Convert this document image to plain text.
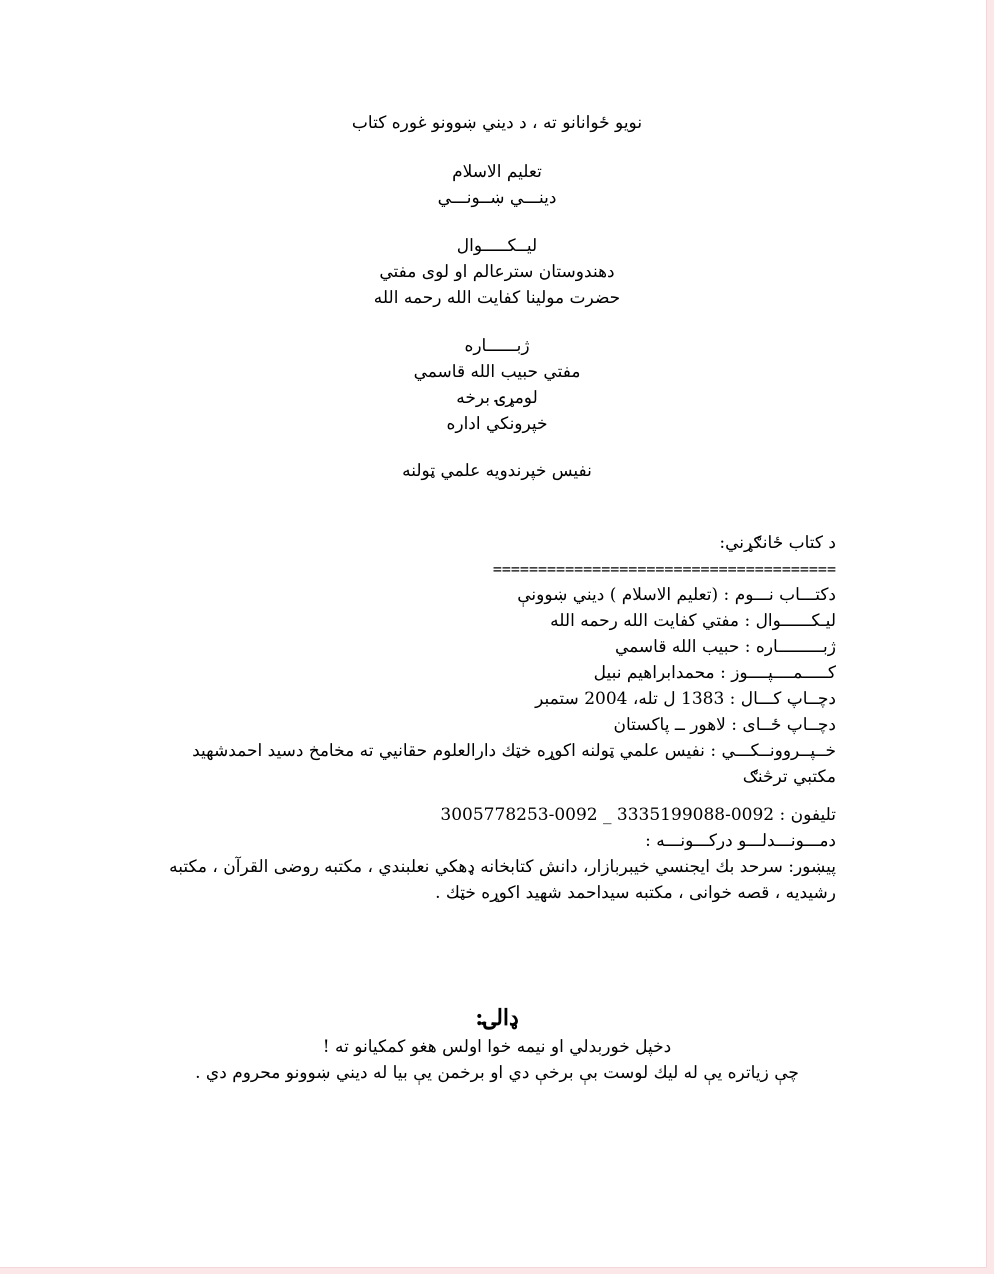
نويو ځوانانو ته ، د ديني ښوونو غوره كتاب
تعليم الاسلام
دينـــي ښــونـــي
ليــكـــــوال
دهندوستان سترعالم او لوى مفتي
حضرت مولينا كفايت الله رحمه الله
ژبــــــاره
مفتي حبيب الله قاسمي
لومړۍ برخه
خپرونكي اداره
نفيس خپرندويه علمي ټولنه
د كتاب ځانګړني:
======================================
دكتـــاب نـــوم : (تعليم الاسلام ) ديني ښوونې
ليـكــــــوال : مفتي كفايت الله رحمه الله
ژبـــــــــاره : حبيب الله قاسمي
كـــــمــــپــــوز : محمدابراهيم نبيل
دچــاپ كـــال : 1383 ل تله، 2004 ستمبر
دچــاپ ځــاى : لاهور ــ پاكستان
خــپــروونــكـــي : نفيس علمي ټولنه اكوړه خټك دارالعلوم حقانيي ته مخامخ دسيد احمدشهيد مكتبي ترڅنګ
تليفون : 0092-3335199088 _ 0092-3005778253
دمـــونـــدلـــو دركـــونـــه :
پيښور: سرحد بك ايجنسي خيبربازار، دانش كتابخانه ډهكي نعلبندي ، مكتبه روضى القرآن ، مكتبه رشيديه ، قصه خوانى ، مكتبه سيداحمد شهيد اكوړه خټك .
ډالۍ:
دخپل خوربدلي او نيمه خوا اولس هغو كمكيانو ته !
چې زياتره يې له ليك لوست بې برخې دي او برخمن يې بيا له ديني ښوونو محروم دي .
